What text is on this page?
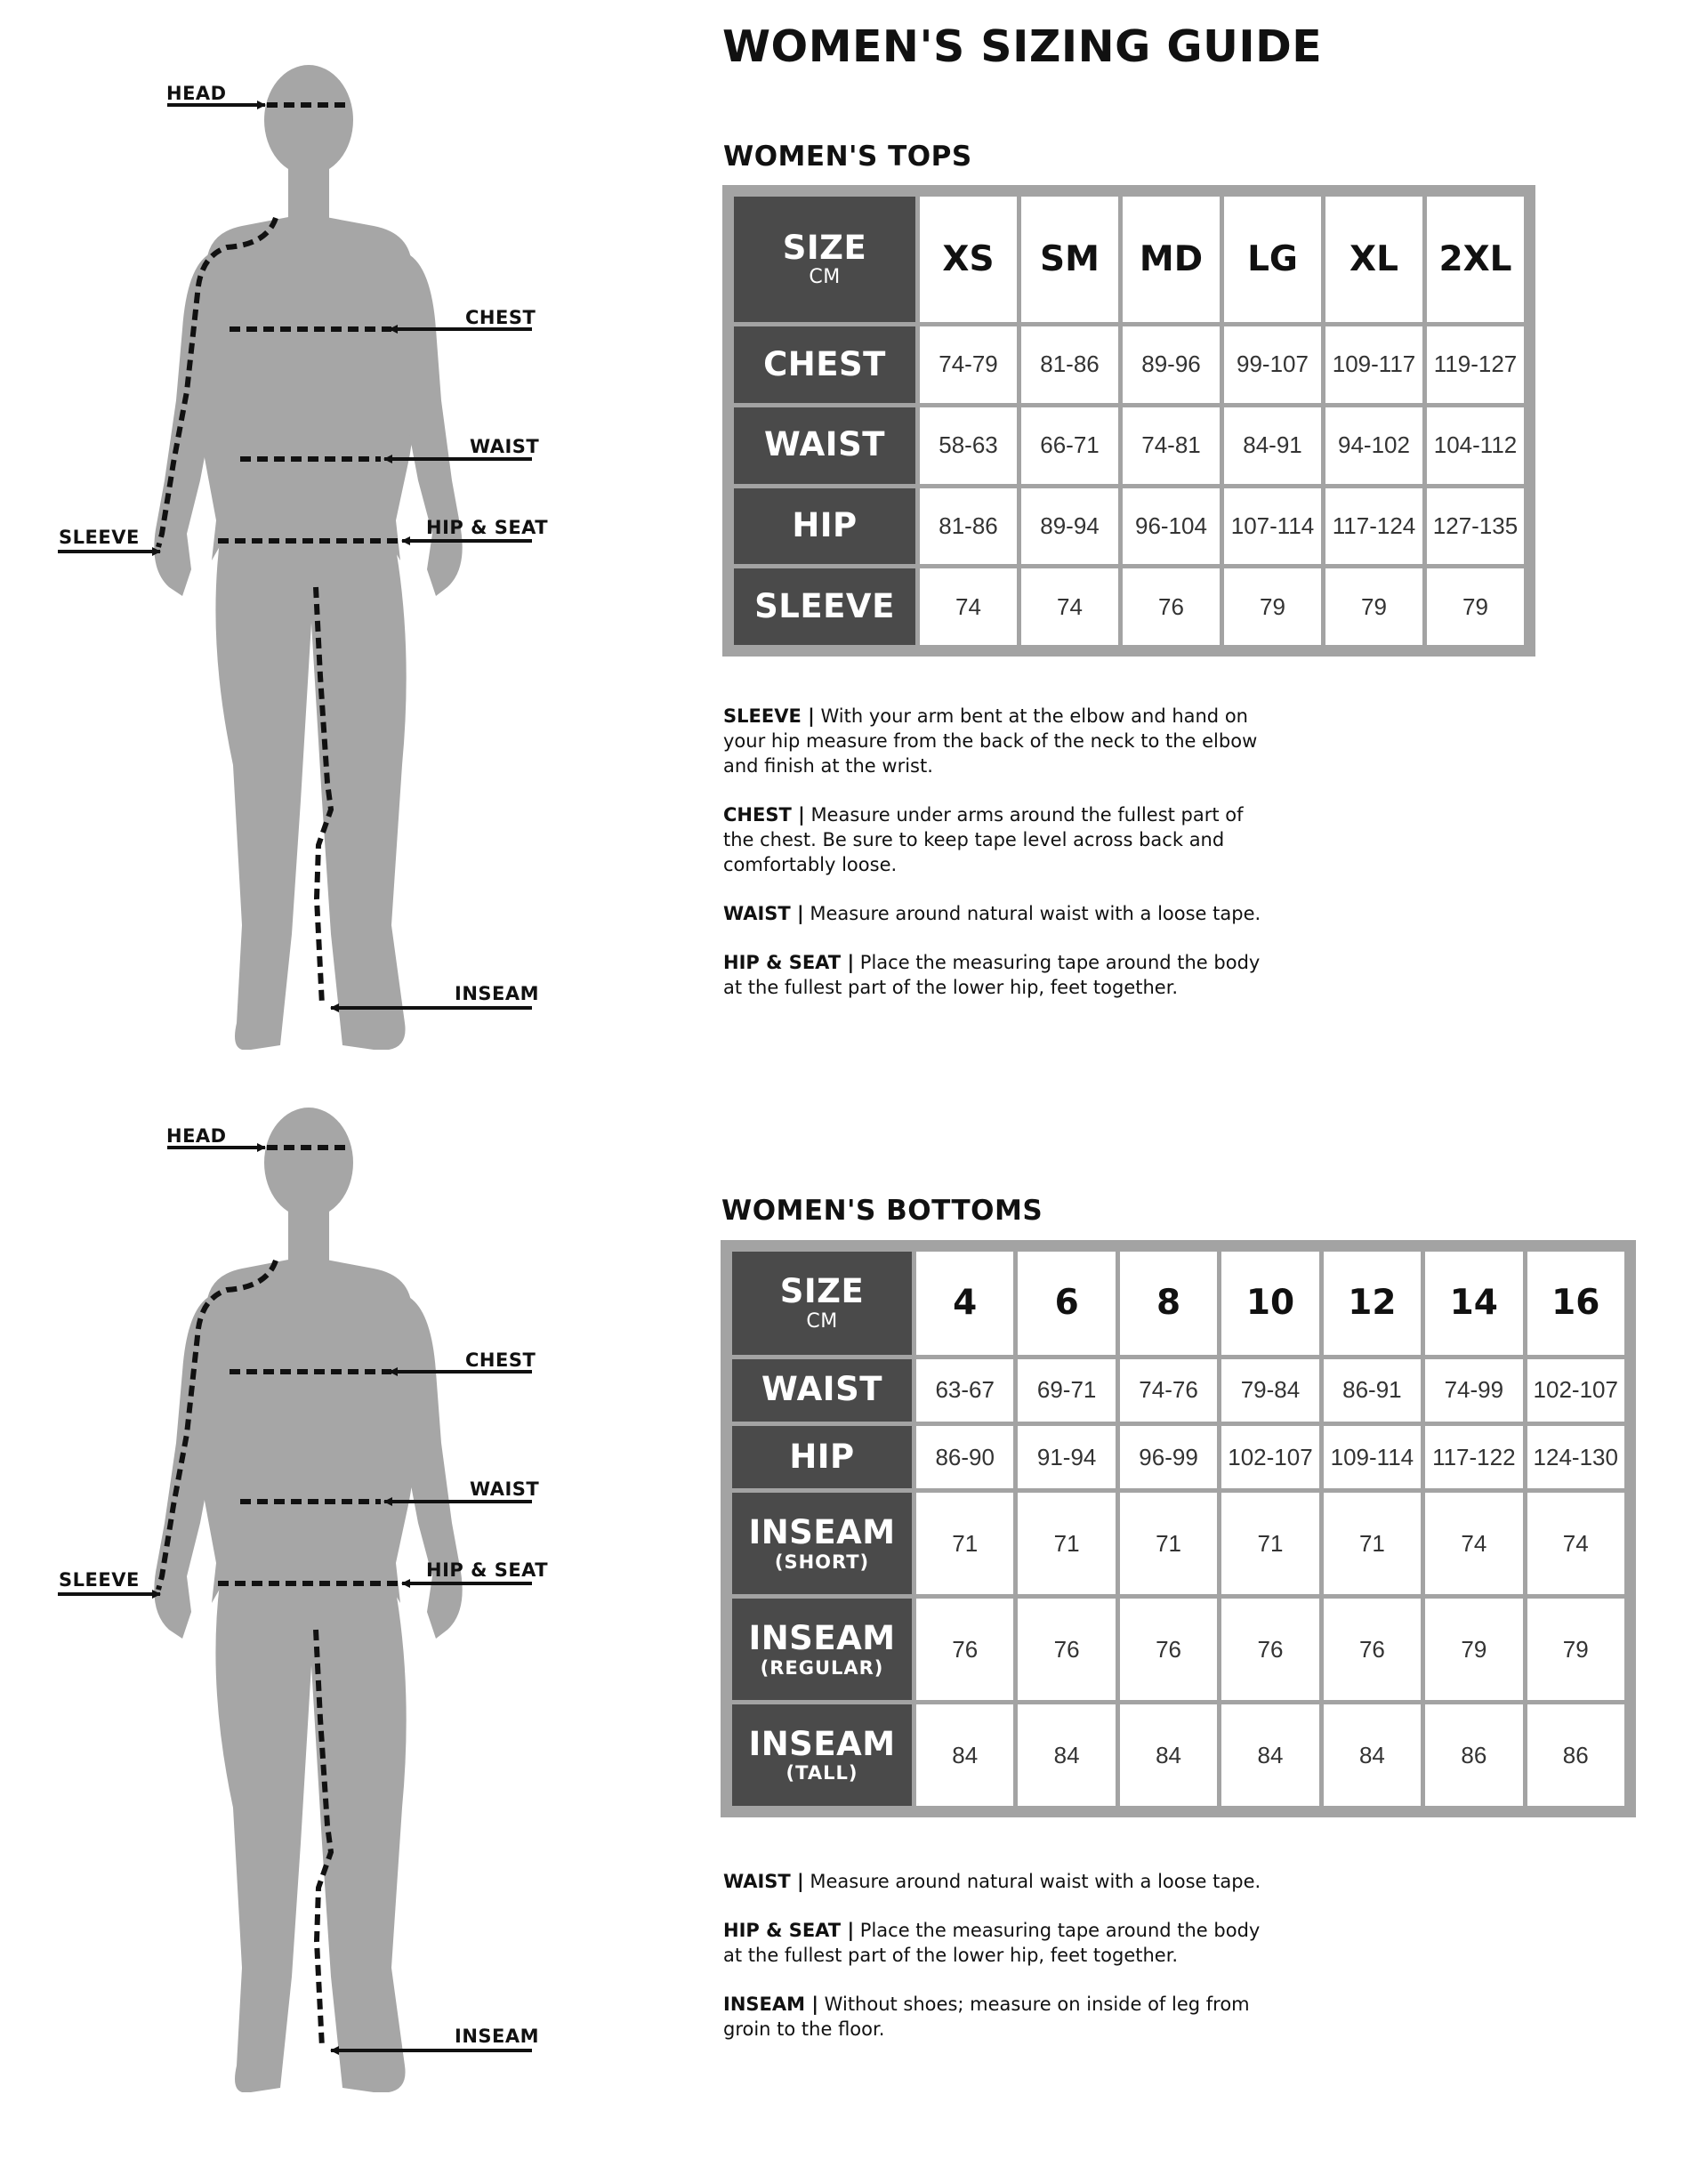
HEAD
CHEST
WAIST
HIP & SEAT
SLEEVE
INSEAM
HEAD
CHEST
WAIST
HIP & SEAT
SLEEVE
INSEAM
WOMEN'S SIZING GUIDE
WOMEN'S TOPS
SIZE
CM	XS	SM	MD	LG	XL	2XL
CHEST	74-79	81-86	89-96	99-107	109-117	119-127
WAIST	58-63	66-71	74-81	84-91	94-102	104-112
HIP	81-86	89-94	96-104	107-114	117-124	127-135
SLEEVE	74	74	76	79	79	79

SLEEVE | With your arm bent at the elbow and hand on your hip measure from the back of the neck to the elbow and finish at the wrist.

CHEST | Measure under arms around the fullest part of the chest. Be sure to keep tape level across back and comfortably loose.

WAIST | Measure around natural waist with a loose tape.

HIP & SEAT | Place the measuring tape around the body at the fullest part of the lower hip, feet together.

WOMEN'S BOTTOMS
SIZE
CM	4	6	8	10	12	14	16
WAIST	63-67	69-71	74-76	79-84	86-91	74-99	102-107
HIP	86-90	91-94	96-99	102-107	109-114	117-122	124-130
INSEAM
(SHORT)	71	71	71	71	71	74	74
INSEAM
(REGULAR)	76	76	76	76	76	79	79
INSEAM
(TALL)	84	84	84	84	84	86	86

WAIST | Measure around natural waist with a loose tape.

HIP & SEAT | Place the measuring tape around the body at the fullest part of the lower hip, feet together.

INSEAM | Without shoes; measure on inside of leg from groin to the floor.
